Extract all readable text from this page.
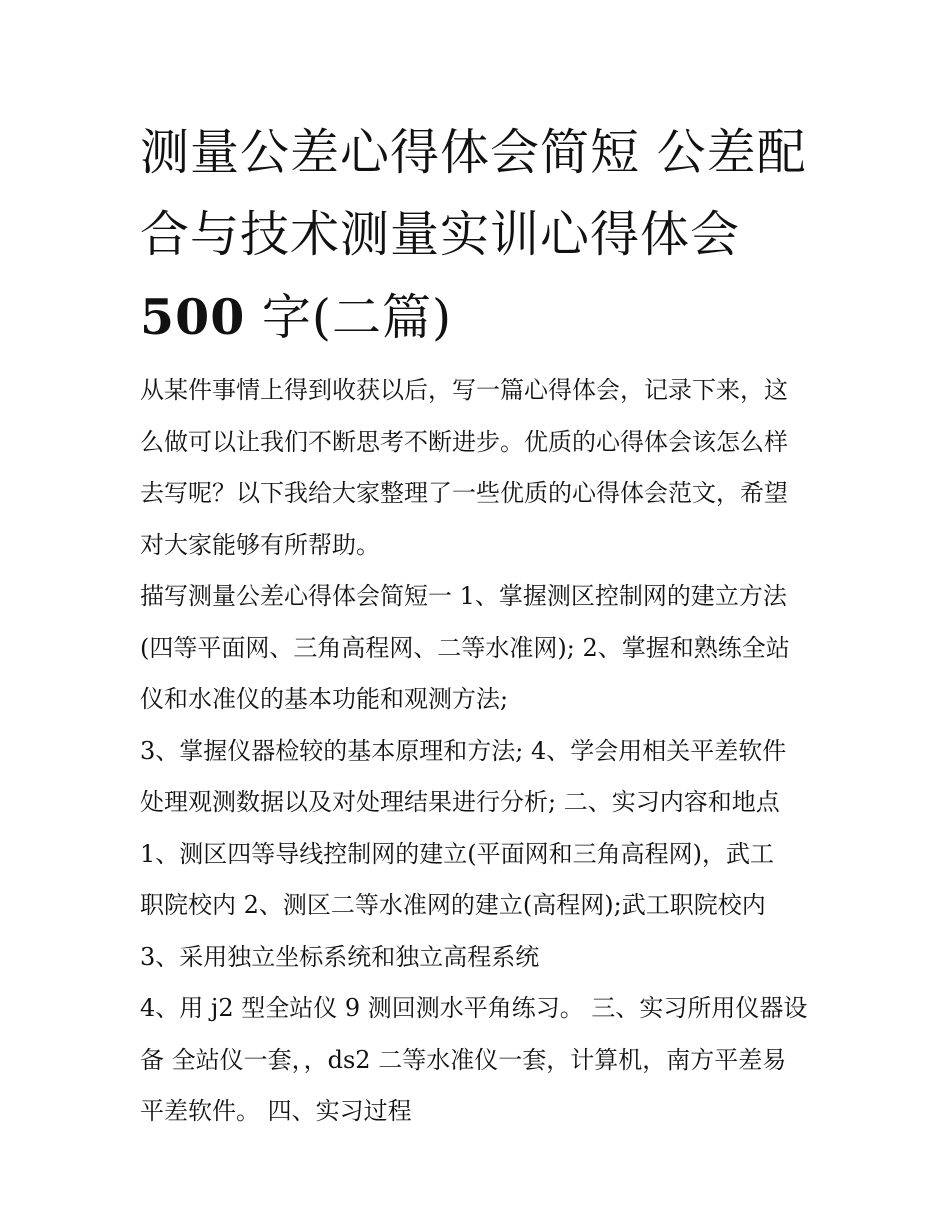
测量公差心得体会简短 公差配
合与技术测量实训心得体会
500 字(二篇)

从某件事情上得到收获以后，写一篇心得体会，记录下来，这
么做可以让我们不断思考不断进步。优质的心得体会该怎么样
去写呢？以下我给大家整理了一些优质的心得体会范文，希望
对大家能够有所帮助。

描写测量公差心得体会简短一 1、掌握测区控制网的建立方法
(四等平面网、三角高程网、二等水准网); 2、掌握和熟练全站
仪和水准仪的基本功能和观测方法;

3、掌握仪器检较的基本原理和方法; 4、学会用相关平差软件
处理观测数据以及对处理结果进行分析; 二、实习内容和地点
1、测区四等导线控制网的建立(平面网和三角高程网)，武工
职院校内 2、测区二等水准网的建立(高程网);武工职院校内

3、采用独立坐标系统和独立高程系统

4、用 j2 型全站仪 9 测回测水平角练习。 三、实习所用仪器设
备 全站仪一套，，ds2 二等水准仪一套，计算机，南方平差易
平差软件。 四、实习过程
